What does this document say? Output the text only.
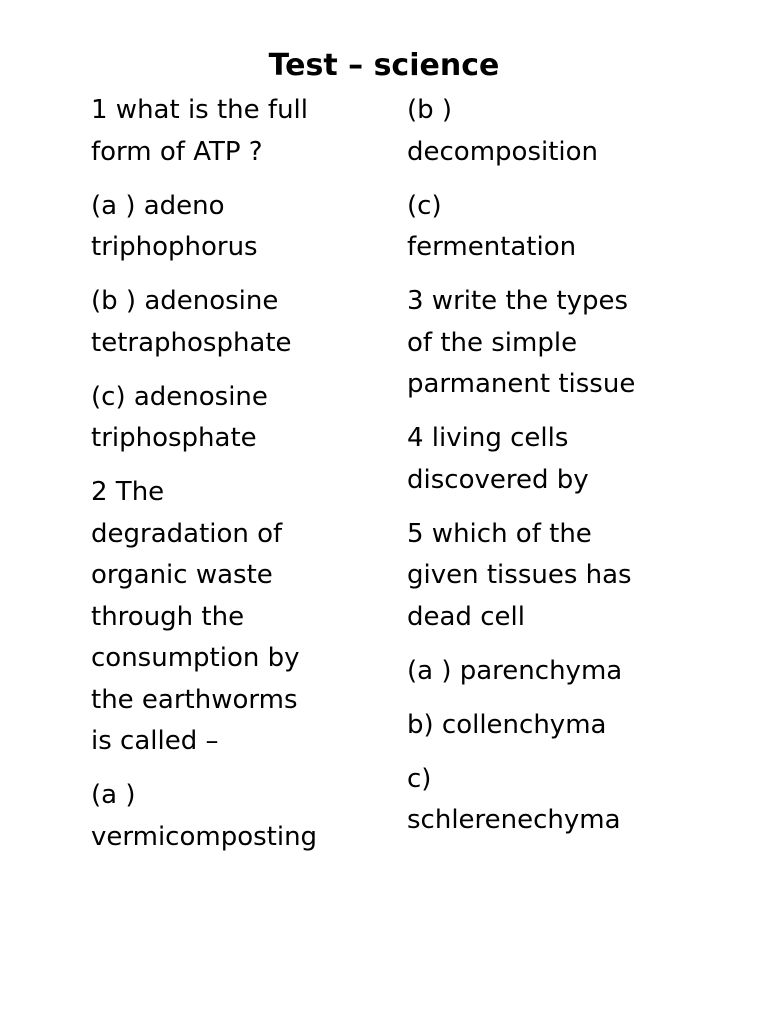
Test – science

1 what is the full
form of ATP ?

(a ) adeno
triphophorus

(b ) adenosine
tetraphosphate

(c) adenosine
triphosphate

2 The
degradation of
organic waste
through the
consumption by
the earthworms
is called –

(a )
vermicomposting

(b )
decomposition

(c)
fermentation

3 write the types
of the simple
parmanent tissue

4 living cells
discovered by

5 which of the
given tissues has
dead cell

(a ) parenchyma

b) collenchyma

c)
schlerenechyma
